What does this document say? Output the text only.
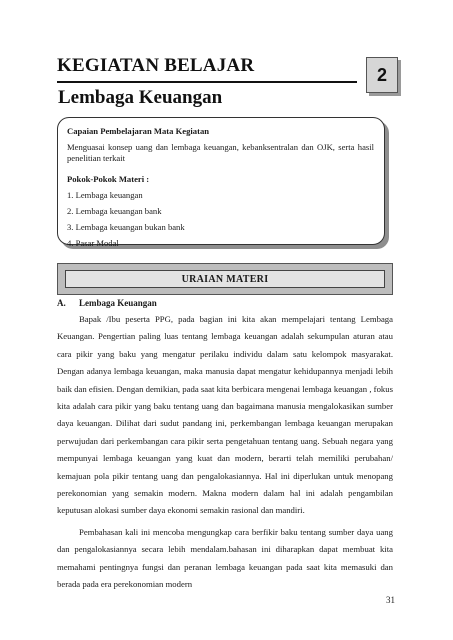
KEGIATAN BELAJAR
Lembaga Keuangan
2
Capaian Pembelajaran Mata Kegiatan
Menguasai konsep uang dan lembaga keuangan, kebanksentralan dan OJK, serta hasil penelitian terkait
Pokok-Pokok Materi :
1. Lembaga keuangan
2. Lembaga keuangan bank
3. Lembaga keuangan bukan bank
4. Pasar Modal
URAIAN MATERI
A. Lembaga Keuangan

Bapak /Ibu peserta PPG, pada bagian ini kita akan mempelajari tentang Lembaga Keuangan. Pengertian paling luas tentang lembaga keuangan adalah sekumpulan aturan atau cara pikir yang baku yang mengatur perilaku individu dalam satu kelompok masyarakat. Dengan adanya lembaga keuangan, maka manusia dapat mengatur kehidupannya menjadi lebih baik dan efisien. Dengan demikian, pada saat kita berbicara mengenai lembaga keuangan , fokus kita adalah cara pikir yang baku tentang uang dan bagaimana manusia mengalokasikan sumber daya keuangan. Dilihat dari sudut pandang ini, perkembangan lembaga keuangan merupakan perwujudan dari perkembangan cara pikir serta pengetahuan tentang uang. Sebuah negara yang mempunyai lembaga keuangan yang kuat dan modern, berarti telah memiliki perubahan/ kemajuan pola pikir tentang uang dan pengalokasiannya. Hal ini diperlukan untuk menopang perekonomian yang semakin modern. Makna modern dalam hal ini adalah pengambilan keputusan alokasi sumber daya ekonomi semakin rasional dan mandiri.

Pembahasan kali ini mencoba mengungkap cara berfikir baku tentang sumber daya uang dan pengalokasiannya secara lebih mendalam.bahasan ini diharapkan dapat membuat kita memahami pentingnya fungsi dan peranan lembaga keuangan pada saat kita memasuki dan berada pada era perekonomian modern

31
